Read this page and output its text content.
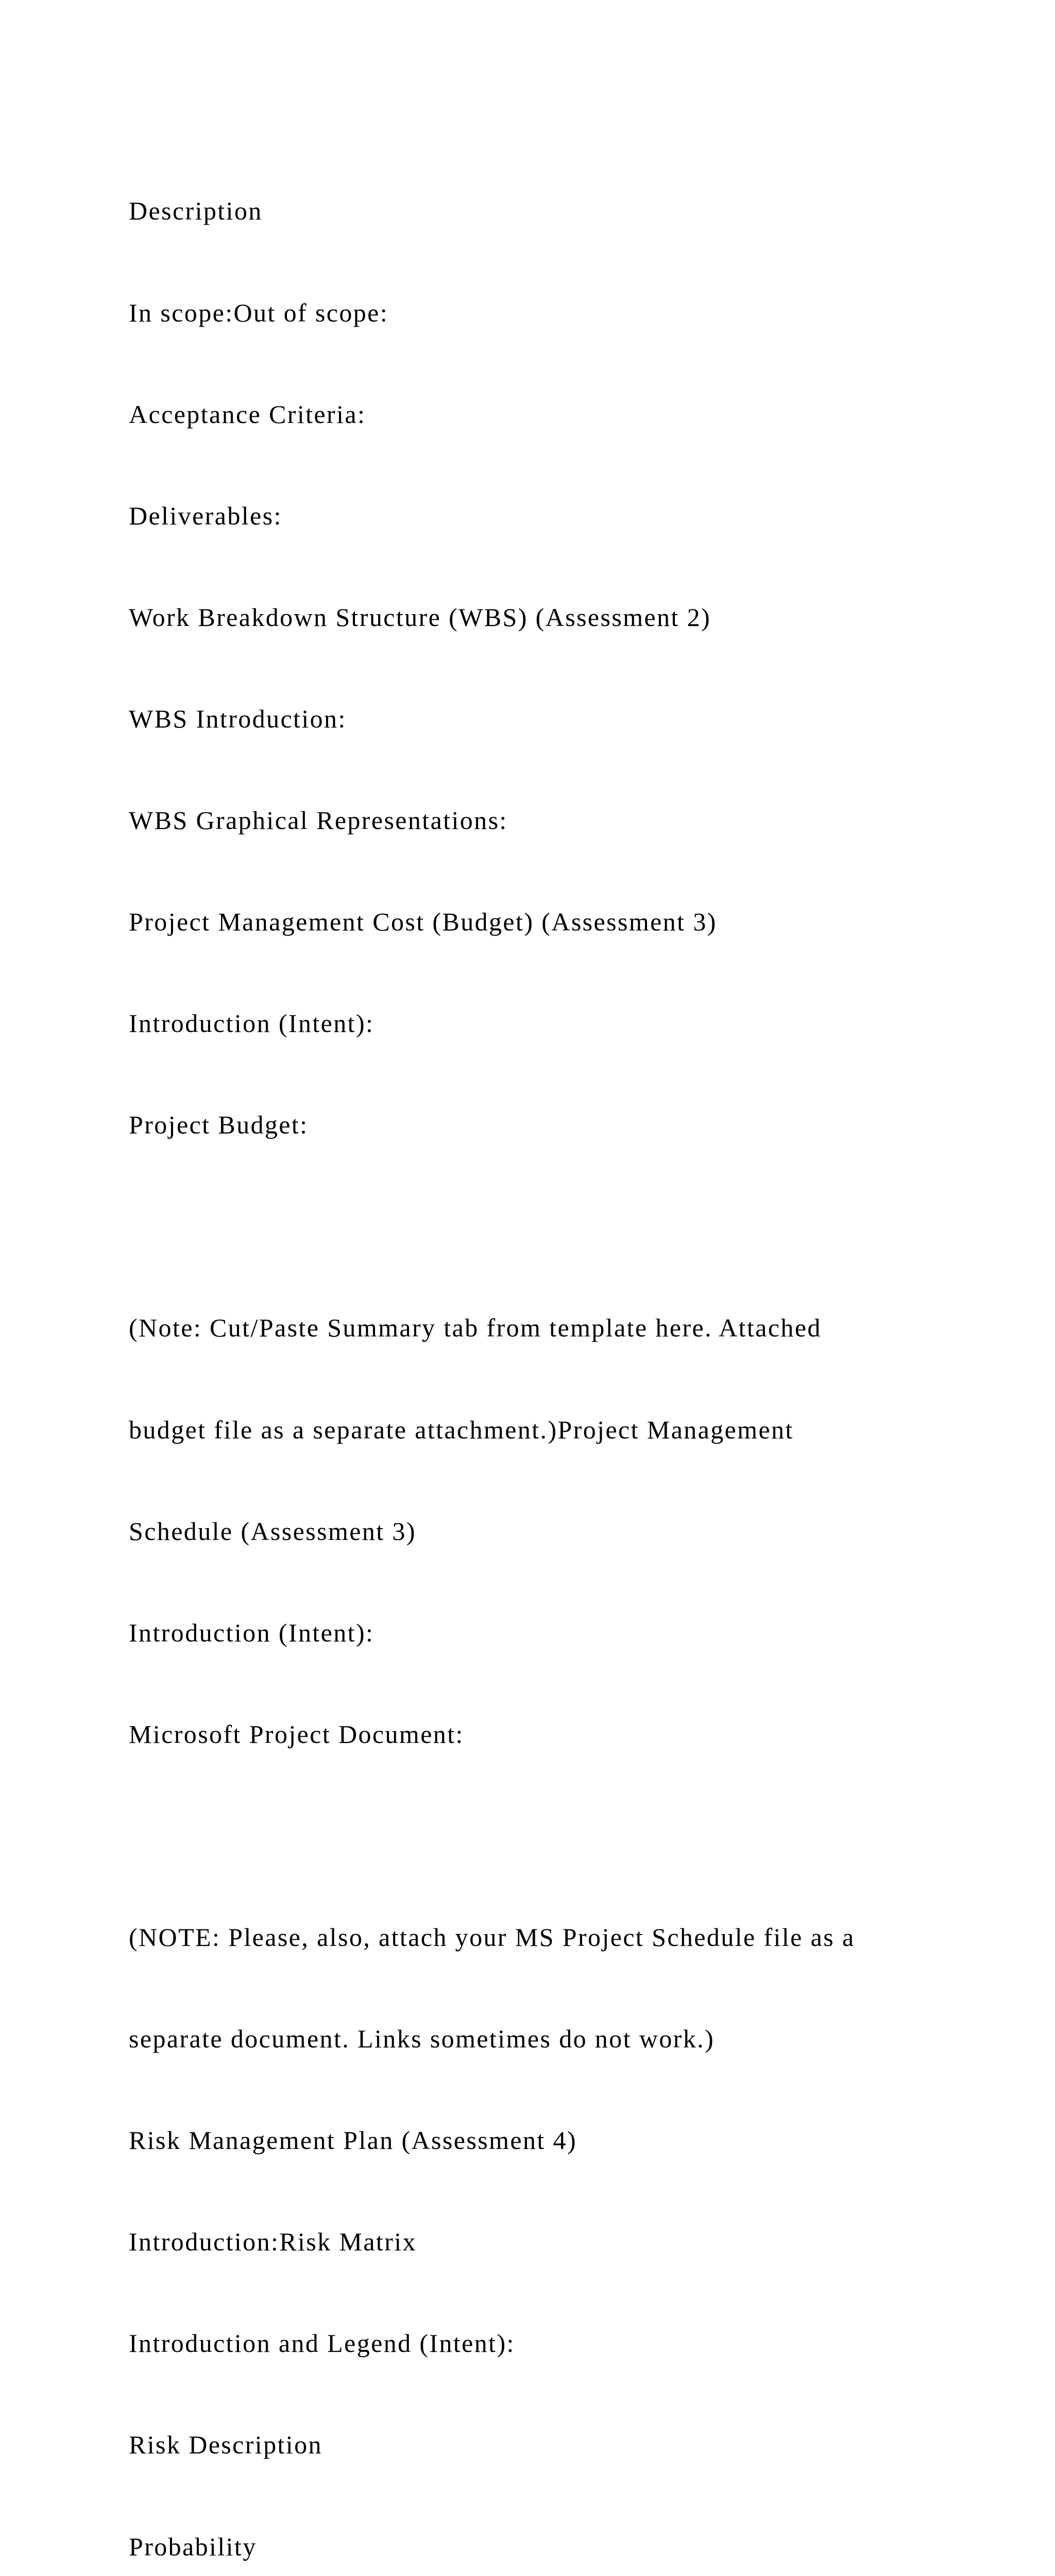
Description

In scope:Out of scope:

Acceptance Criteria:

Deliverables:

Work Breakdown Structure (WBS) (Assessment 2)

WBS Introduction:

WBS Graphical Representations:

Project Management Cost (Budget) (Assessment 3)

Introduction (Intent):

Project Budget:

(Note: Cut/Paste Summary tab from template here. Attached

budget file as a separate attachment.)Project Management

Schedule (Assessment 3)

Introduction (Intent):

Microsoft Project Document:

(NOTE: Please, also, attach your MS Project Schedule file as a

separate document. Links sometimes do not work.)

Risk Management Plan (Assessment 4)

Introduction:Risk Matrix

Introduction and Legend (Intent):

Risk Description

Probability
